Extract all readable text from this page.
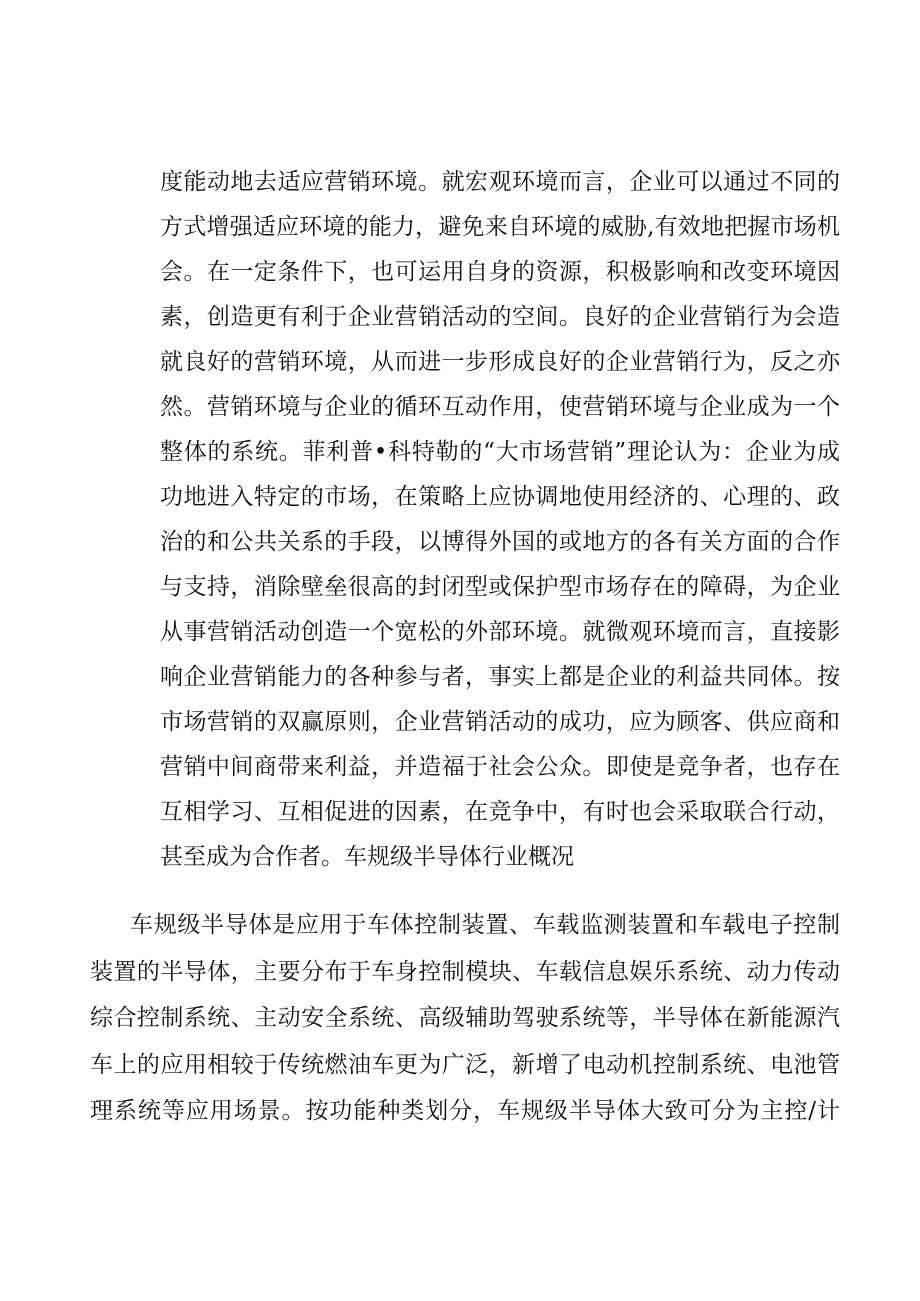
度能动地去适应营销环境。就宏观环境而言，企业可以通过不同的
方式增强适应环境的能力，避免来自环境的威胁,有效地把握市场机
会。在一定条件下，也可运用自身的资源，积极影响和改变环境因
素，创造更有利于企业营销活动的空间。良好的企业营销行为会造
就良好的营销环境，从而进一步形成良好的企业营销行为，反之亦
然。营销环境与企业的循环互动作用，使营销环境与企业成为一个
整体的系统。菲利普•科特勒的“大市场营销”理论认为：企业为成
功地进入特定的市场，在策略上应协调地使用经济的、心理的、政
治的和公共关系的手段，以博得外国的或地方的各有关方面的合作
与支持，消除壁垒很高的封闭型或保护型市场存在的障碍，为企业
从事营销活动创造一个宽松的外部环境。就微观环境而言，直接影
响企业营销能力的各种参与者，事实上都是企业的利益共同体。按
市场营销的双赢原则，企业营销活动的成功，应为顾客、供应商和
营销中间商带来利益，并造福于社会公众。即使是竞争者，也存在
互相学习、互相促进的因素，在竞争中，有时也会采取联合行动，
甚至成为合作者。车规级半导体行业概况
车规级半导体是应用于车体控制装置、车载监测装置和车载电子控制
装置的半导体，主要分布于车身控制模块、车载信息娱乐系统、动力传动
综合控制系统、主动安全系统、高级辅助驾驶系统等，半导体在新能源汽
车上的应用相较于传统燃油车更为广泛，新增了电动机控制系统、电池管
理系统等应用场景。按功能种类划分，车规级半导体大致可分为主控/计
